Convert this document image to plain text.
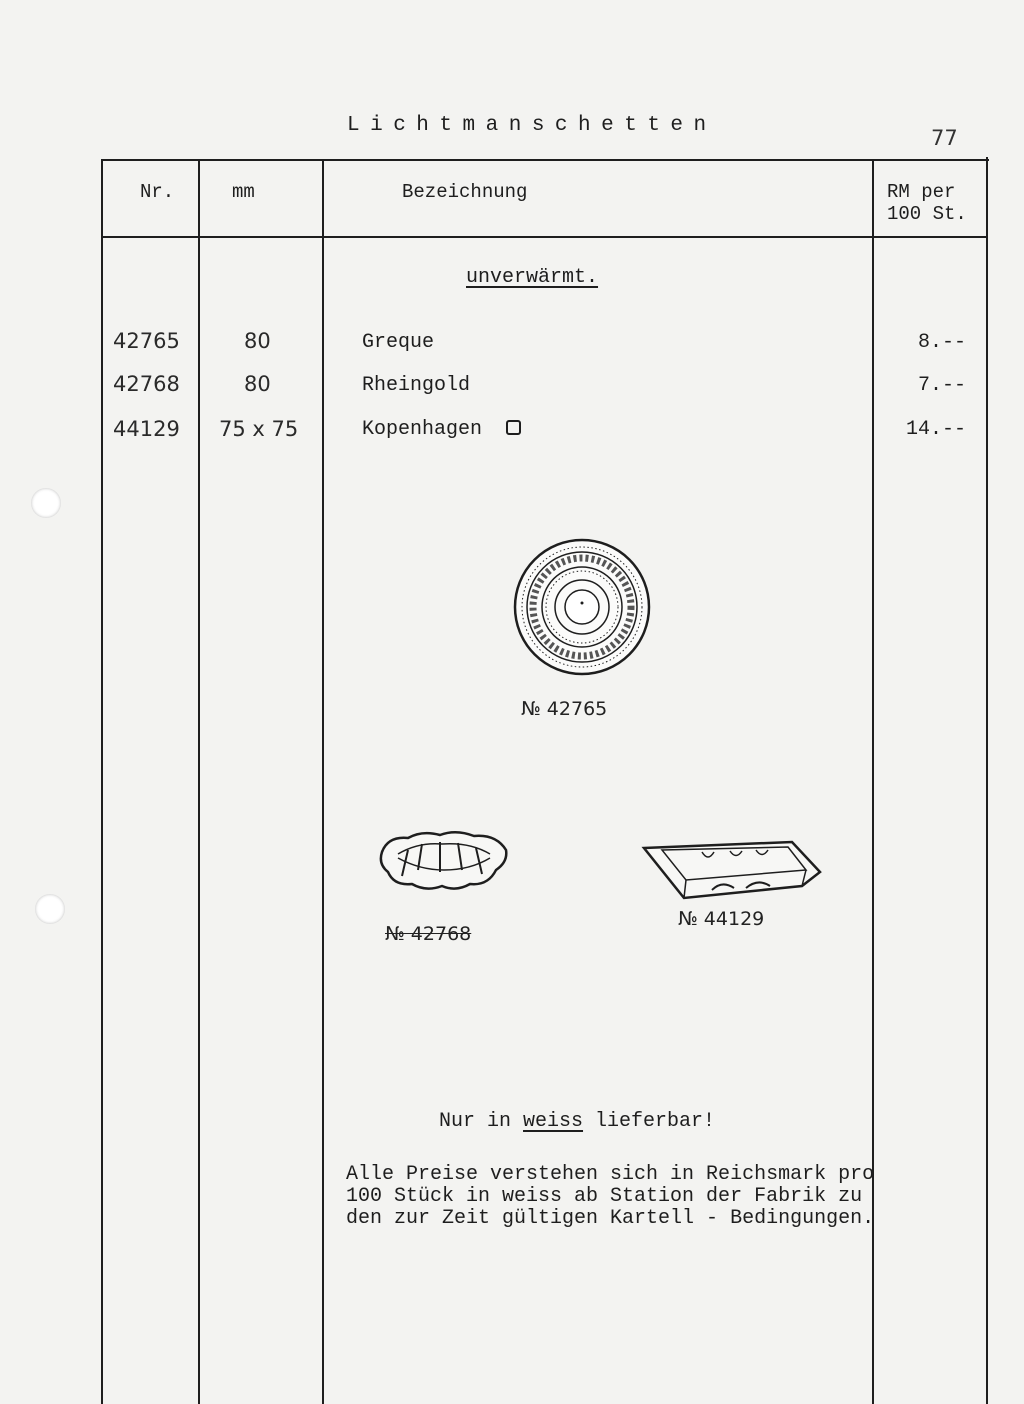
Lichtmanschetten
77
Nr.	mm	Bezeichnung	RM per
100 St.
unverwärmt.
42765	80	Greque	8.--
42768	80	Rheingold	7.--
44129 75 x 75	Kopenhagen	14.--
№ 42765
№ 42768
№ 44129
Nur in weiss lieferbar!
Alle Preise verstehen sich in Reichsmark pro
100 Stück in weiss ab Station der Fabrik zu
den zur Zeit gültigen Kartell - Bedingungen.
